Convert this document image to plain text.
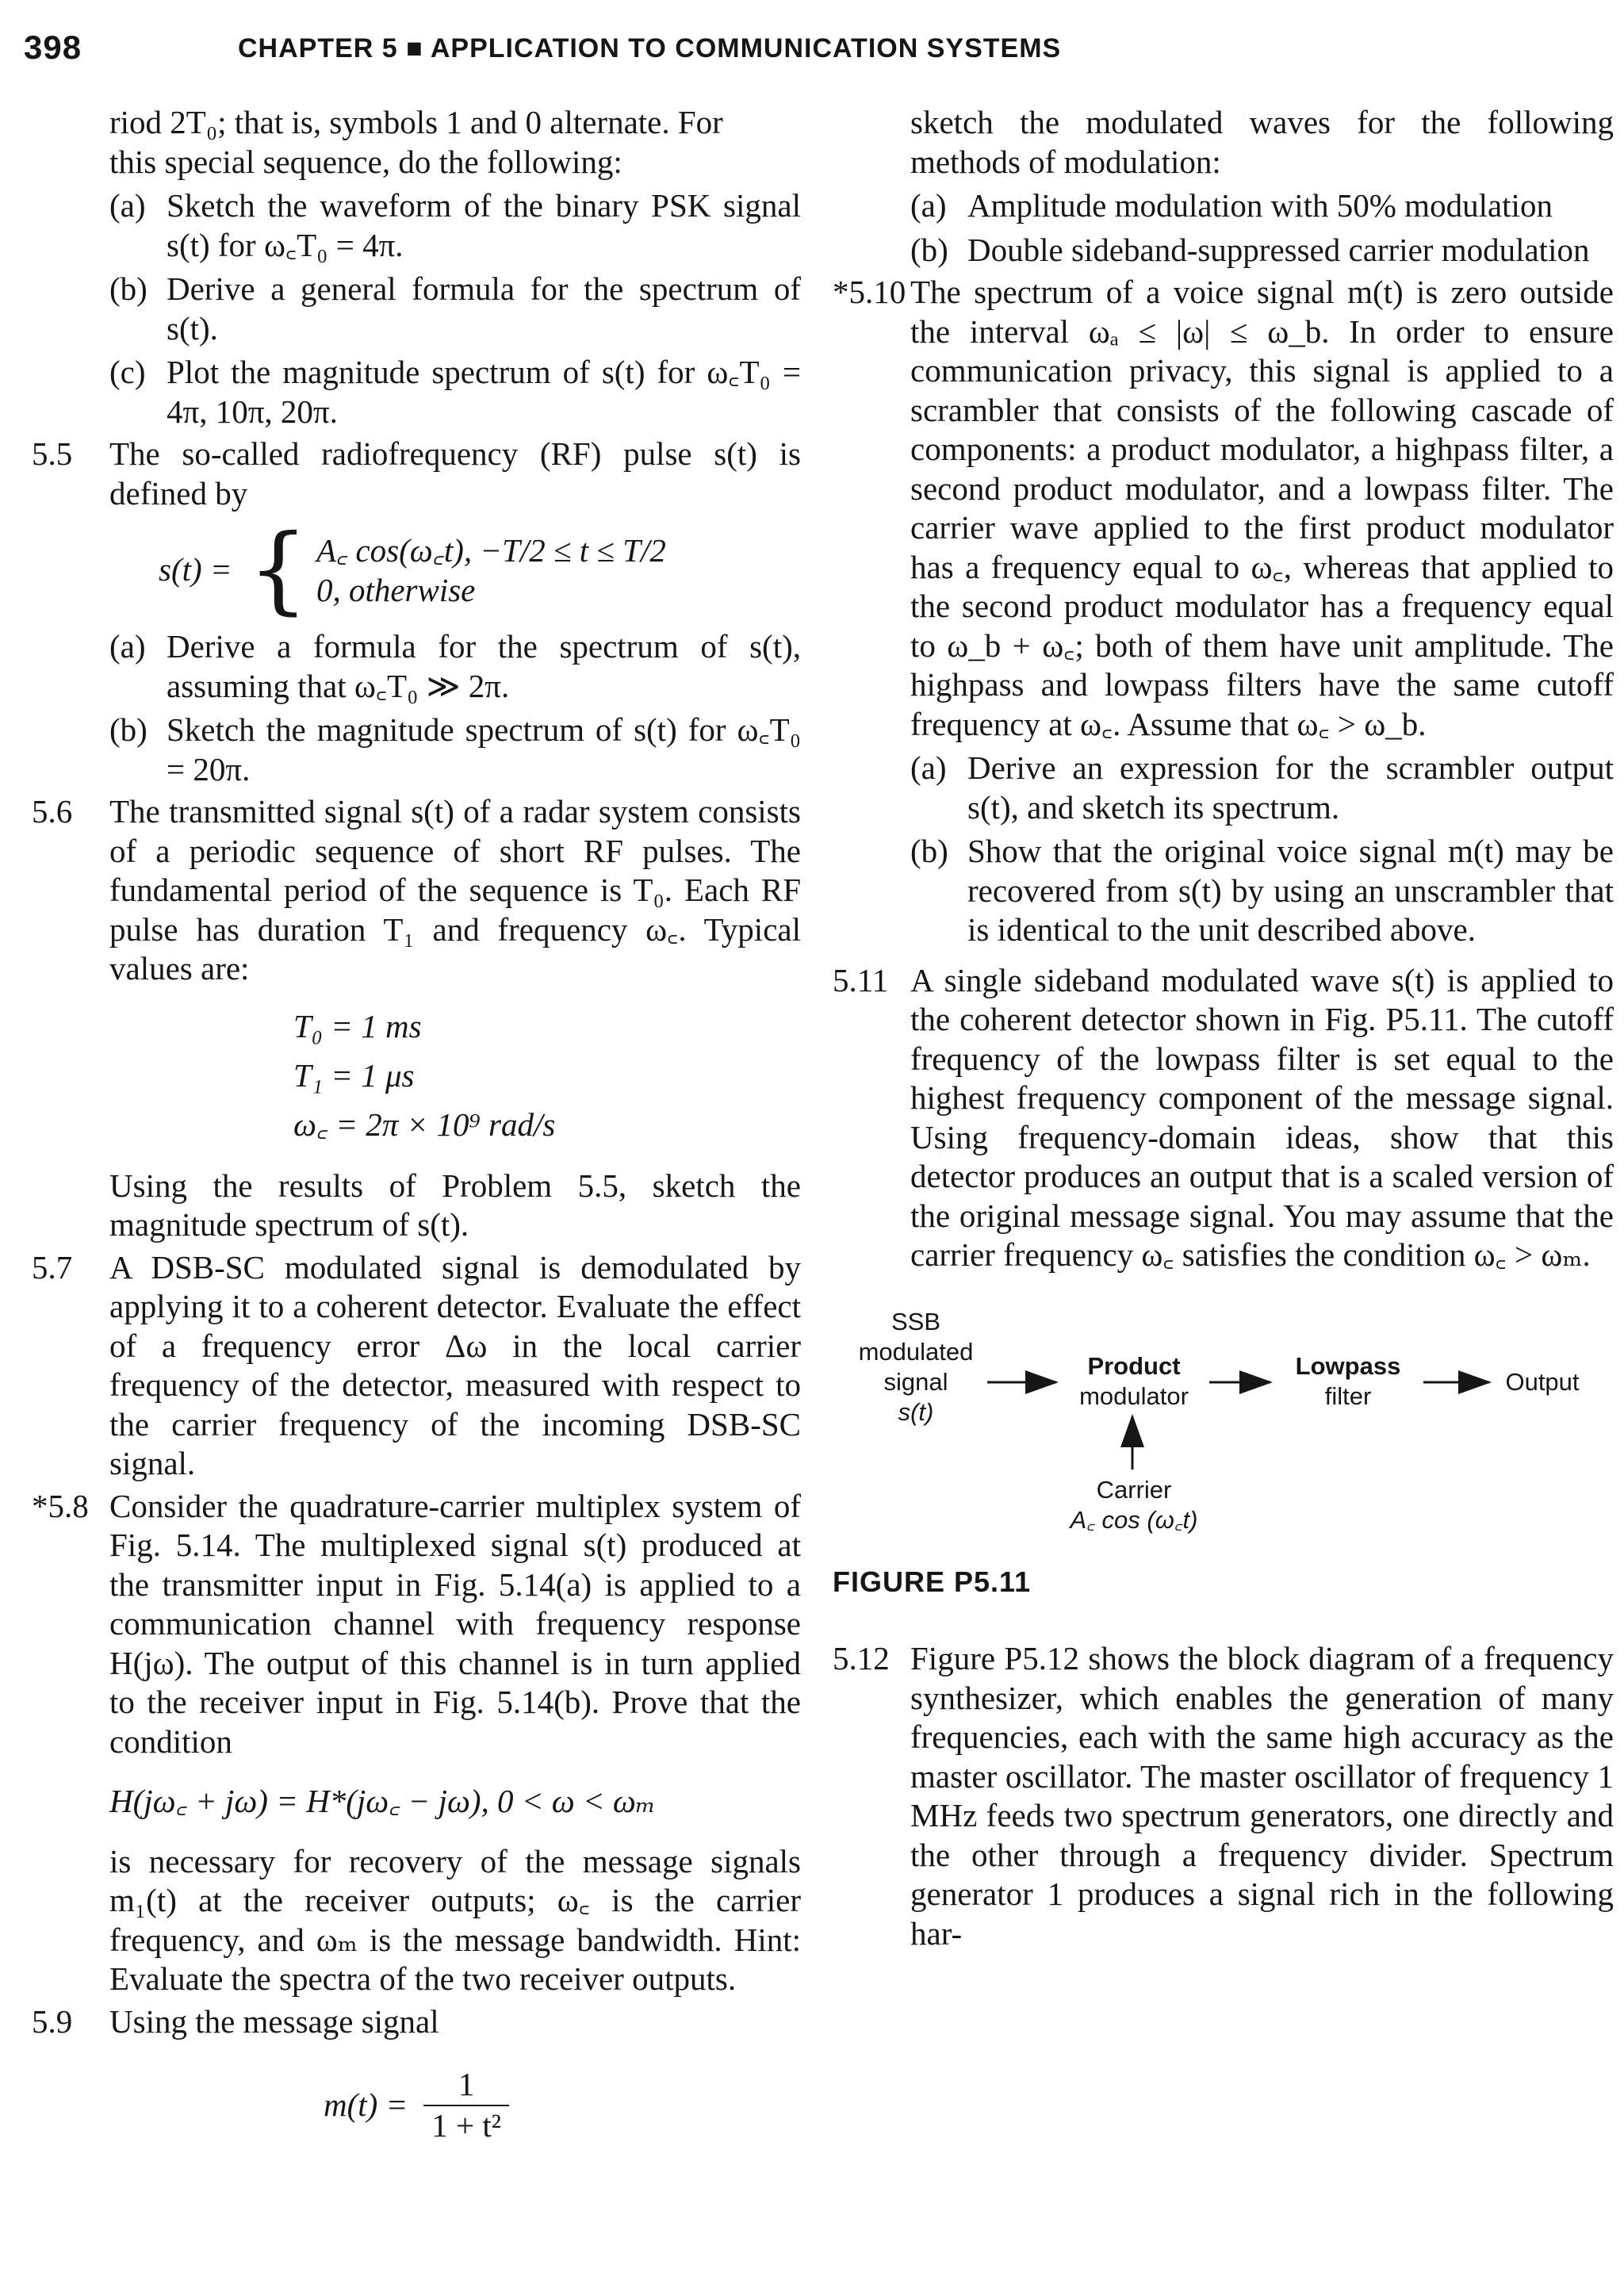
398	CHAPTER 5 ■ APPLICATION TO COMMUNICATION SYSTEMS

riod 2T₀; that is, symbols 1 and 0 alternate. For
this special sequence, do the following:

(a) Sketch the waveform of the binary PSK signal s(t) for ω꜀T₀ = 4π.
(b) Derive a general formula for the spectrum of s(t).
(c) Plot the magnitude spectrum of s(t) for ω꜀T₀ = 4π, 10π, 20π.
5.5	The so-called radiofrequency (RF) pulse s(t) is defined by
s(t) = { A꜀ cos(ω꜀t), −T/2 ≤ t ≤ T/2
0, otherwise
(a) Derive a formula for the spectrum of s(t), assuming that ω꜀T₀ ≫ 2π.
(b) Sketch the magnitude spectrum of s(t) for ω꜀T₀ = 20π.
5.6	The transmitted signal s(t) of a radar system consists of a periodic sequence of short RF pulses. The fundamental period of the sequence is T₀. Each RF pulse has duration T₁ and frequency ω꜀. Typical values are:
T₀ = 1 ms
T₁ = 1 μs
ω꜀ = 2π × 10⁹ rad/s

Using the results of Problem 5.5, sketch the magnitude spectrum of s(t).

5.7	A DSB-SC modulated signal is demodulated by applying it to a coherent detector. Evaluate the effect of a frequency error Δω in the local carrier frequency of the detector, measured with respect to the carrier frequency of the incoming DSB-SC signal.
*5.8 Consider the quadrature-carrier multiplex system of Fig. 5.14. The multiplexed signal s(t) produced at the transmitter input in Fig. 5.14(a) is applied to a communication channel with frequency response H(jω). The output of this channel is in turn applied to the receiver input in Fig. 5.14(b). Prove that the condition

H(jω꜀ + jω) = H*(jω꜀ − jω), 0 < ω < ωₘ

is necessary for recovery of the message signals m₁(t) at the receiver outputs; ω꜀ is the carrier frequency, and ωₘ is the message bandwidth. Hint: Evaluate the spectra of the two receiver outputs.

5.9	Using the message signal
$m(t) = \frac{1}{\text{1 + t²}}$

sketch the modulated waves for the following methods of modulation:

(a) Amplitude modulation with 50% modulation
(b) Double sideband-suppressed carrier modulation
*5.10 The spectrum of a voice signal m(t) is zero outside the interval ωₐ ≤ |ω| ≤ ω_b. In order to ensure communication privacy, this signal is applied to a scrambler that consists of the following cascade of components: a product modulator, a highpass filter, a second product modulator, and a lowpass filter. The carrier wave applied to the first product modulator has a frequency equal to ω꜀, whereas that applied to the second product modulator has a frequency equal to ω_b + ω꜀; both of them have unit amplitude. The highpass and lowpass filters have the same cutoff frequency at ω꜀. Assume that ω꜀ > ω_b.
(a) Derive an expression for the scrambler output s(t), and sketch its spectrum.
(b) Show that the original voice signal m(t) may be recovered from s(t) by using an unscrambler that is identical to the unit described above.
5.11 A single sideband modulated wave s(t) is applied to the coherent detector shown in Fig. P5.11. The cutoff frequency of the lowpass filter is set equal to the highest frequency component of the message signal. Using frequency-domain ideas, show that this detector produces an output that is a scaled version of the original message signal. You may assume that the carrier frequency ω꜀ satisfies the condition ω꜀ > ωₘ.
SSB
modulated
signal
s(t)
Product
modulator
Lowpass
filter
Output
Carrier
A꜀ cos (ω꜀t)
FIGURE P5.11
5.12 Figure P5.12 shows the block diagram of a frequency synthesizer, which enables the generation of many frequencies, each with the same high accuracy as the master oscillator. The master oscillator of frequency 1 MHz feeds two spectrum generators, one directly and the other through a frequency divider. Spectrum generator 1 produces a signal rich in the following har-
